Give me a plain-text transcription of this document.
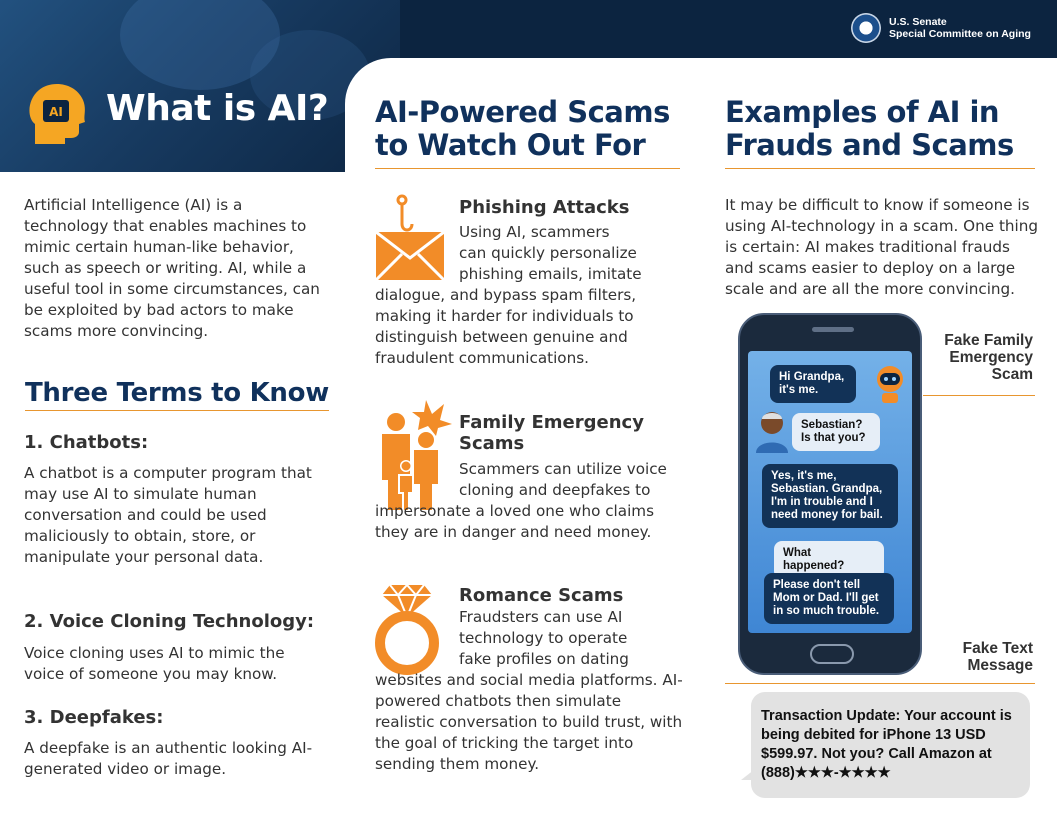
U.S. Senate
Special Committee on Aging
AI What is AI?
Artificial Intelligence (AI) is a technology that enables machines to mimic certain human-like behavior, such as speech or writing. AI, while a useful tool in some circumstances, can be exploited by bad actors to make scams more convincing.
Three Terms to Know
1. Chatbots:
A chatbot is a computer program that may use AI to simulate human conversation and could be used maliciously to obtain, store, or manipulate your personal data.
2. Voice Cloning Technology:
Voice cloning uses AI to mimic the voice of someone you may know.
3. Deepfakes:
A deepfake is an authentic looking AI-generated video or image.
AI-Powered Scams
to Watch Out For
Phishing Attacks
Using AI, scammers
can quickly personalize
phishing emails, imitate
dialogue, and bypass spam filters, making it harder for individuals to distinguish between genuine and fraudulent communications.
Family Emergency
Scams
Scammers can utilize voice
cloning and deepfakes to
impersonate a loved one who claims they are in danger and need money.
Romance Scams
Fraudsters can use AI
technology to operate
fake profiles on dating
websites and social media platforms. AI-powered chatbots then simulate realistic conversation to build trust, with the goal of tricking the target into sending them money.
Examples of AI in
Frauds and Scams
It may be difficult to know if someone is using AI-technology in a scam. One thing is certain: AI makes traditional frauds and scams easier to deploy on a large scale and are all the more convincing.
Hi Grandpa, it's me.
Sebastian? Is that you?
Yes, it's me, Sebastian. Grandpa, I'm in trouble and I need money for bail.
What happened?
Please don't tell Mom or Dad. I'll get in so much trouble.
Fake Family
Emergency
Scam
Fake Text
Message
Transaction Update: Your account is being debited for iPhone 13 USD $599.97. Not you? Call Amazon at (888)★★★-★★★★
